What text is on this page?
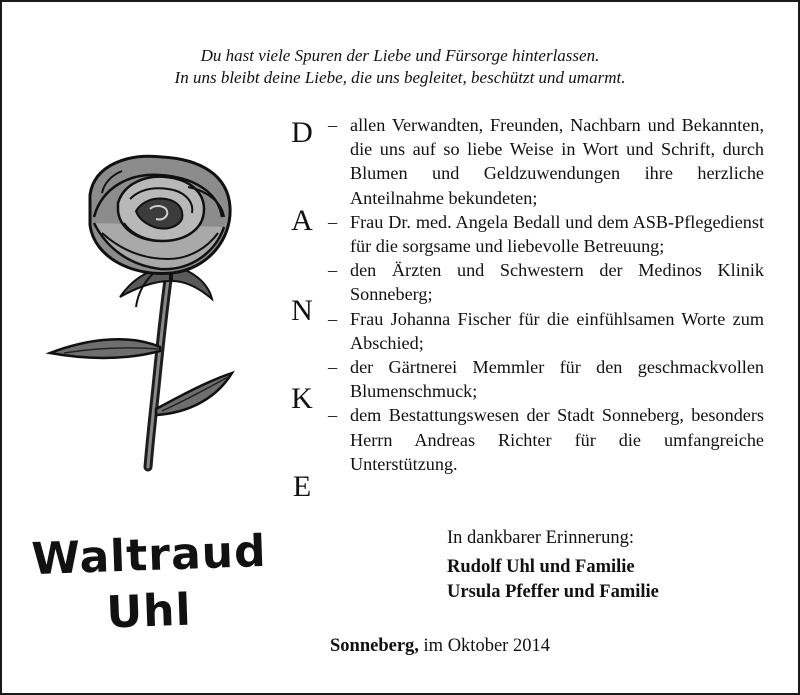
Du hast viele Spuren der Liebe und Fürsorge hinterlassen.
In uns bleibt deine Liebe, die uns begleitet, beschützt und umarmt.
D
A
N
K
E
– allen Verwandten, Freunden, Nachbarn und Bekannten, die uns auf so liebe Weise in Wort und Schrift, durch Blumen und Geldzuwendungen ihre herzliche Anteilnahme bekundeten;
– Frau Dr. med. Angela Bedall und dem ASB-Pflegedienst für die sorgsame und liebevolle Betreuung;
– den Ärzten und Schwestern der Medinos Klinik Sonneberg;
– Frau Johanna Fischer für die einfühlsamen Worte zum Abschied;
– der Gärtnerei Memmler für den geschmackvollen Blumenschmuck;
– dem Bestattungswesen der Stadt Sonneberg, besonders Herrn Andreas Richter für die umfangreiche Unterstützung.
Waltraud
Uhl
In dankbarer Erinnerung:
Rudolf Uhl und Familie
Ursula Pfeffer und Familie
Sonneberg, im Oktober 2014
